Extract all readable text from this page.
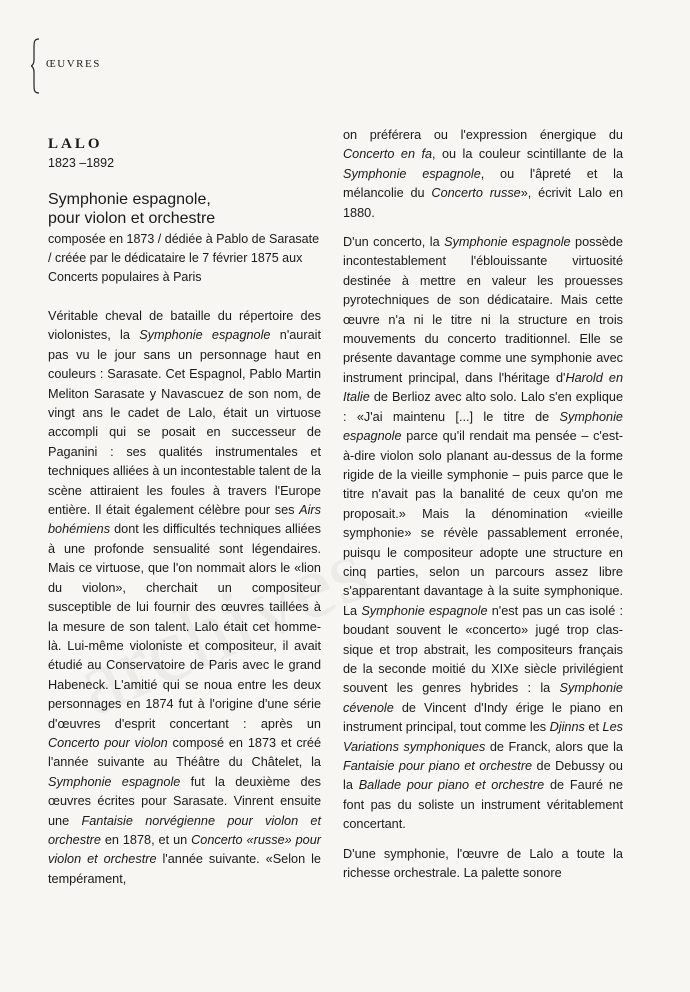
ŒUVRES
LALO
1823 –1892
Symphonie espagnole,
pour violon et orchestre
composée en 1873 / dédiée à Pablo de Sarasate / créée par le dédicataire le 7 février 1875 aux Concerts populaires à Paris

Véritable cheval de bataille du répertoire des violonistes, la Symphonie espagnole n'aurait pas vu le jour sans un personnage haut en couleurs : Sarasate. Cet Espagnol, Pablo Martin Meliton Sarasate y Navascuez de son nom, de vingt ans le cadet de Lalo, était un virtuose accompli qui se posait en successeur de Paganini : ses qualités instrumentales et techniques alliées à un incontestable talent de la scène attiraient les foules à travers l'Europe entière. Il était également célèbre pour ses Airs bohémiens dont les difficultés techniques alliées à une profonde sensualité sont légendaires. Mais ce virtuose, que l'on nommait alors le «lion du violon», cherchait un compositeur susceptible de lui fournir des œuvres taillées à la mesure de son talent. Lalo était cet homme-là. Lui-même violoniste et compositeur, il avait étudié au Conservatoire de Paris avec le grand Habeneck. L'amitié qui se noua entre les deux personnages en 1874 fut à l'origine d'une série d'œuvres d'esprit concertant : après un Concerto pour violon composé en 1873 et créé l'année suivante au Théâtre du Châtelet, la Symphonie espagnole fut la deuxième des œuvres écrites pour Sarasate. Vinrent ensuite une Fantaisie norvégienne pour violon et orchestre en 1878, et un Concerto «russe» pour violon et orchestre l'année suivante. «Selon le tempérament,

on préférera ou l'expression énergique du Concerto en fa, ou la couleur scintillante de la Symphonie espagnole, ou l'âpreté et la mélancolie du Concerto russe», écrivit Lalo en 1880.

D'un concerto, la Symphonie espagnole possède incontestablement l'éblouissante virtuosité destinée à mettre en valeur les prouesses pyrotechniques de son dédicataire. Mais cette œuvre n'a ni le titre ni la structure en trois mouvements du concerto traditionnel. Elle se présente davantage comme une symphonie avec instrument principal, dans l'héritage d'Harold en Italie de Berlioz avec alto solo. Lalo s'en explique : «J'ai maintenu [...] le titre de Symphonie espagnole parce qu'il rendait ma pensée – c'est-à-dire violon solo planant au-dessus de la forme rigide de la vieille symphonie – puis parce que le titre n'avait pas la banalité de ceux qu'on me proposait.» Mais la dénomination «vieille symphonie» se révèle passablement erronée, puisqu le compositeur adopte une structure en cinq parties, selon un parcours assez libre s'apparentant davantage à la suite symphonique. La Symphonie espagnole n'est pas un cas isolé : boudant souvent le «concerto» jugé trop classique et trop abstrait, les compositeurs français de la seconde moitié du XIXe siècle privilégient souvent les genres hybrides : la Symphonie cévenole de Vincent d'Indy érige le piano en instrument principal, tout comme les Djinns et Les Variations symphoniques de Franck, alors que la Fantaisie pour piano et orchestre de Debussy ou la Ballade pour piano et orchestre de Fauré ne font pas du soliste un instrument véritablement concertant.

D'une symphonie, l'œuvre de Lalo a toute la richesse orchestrale. La palette sonore
